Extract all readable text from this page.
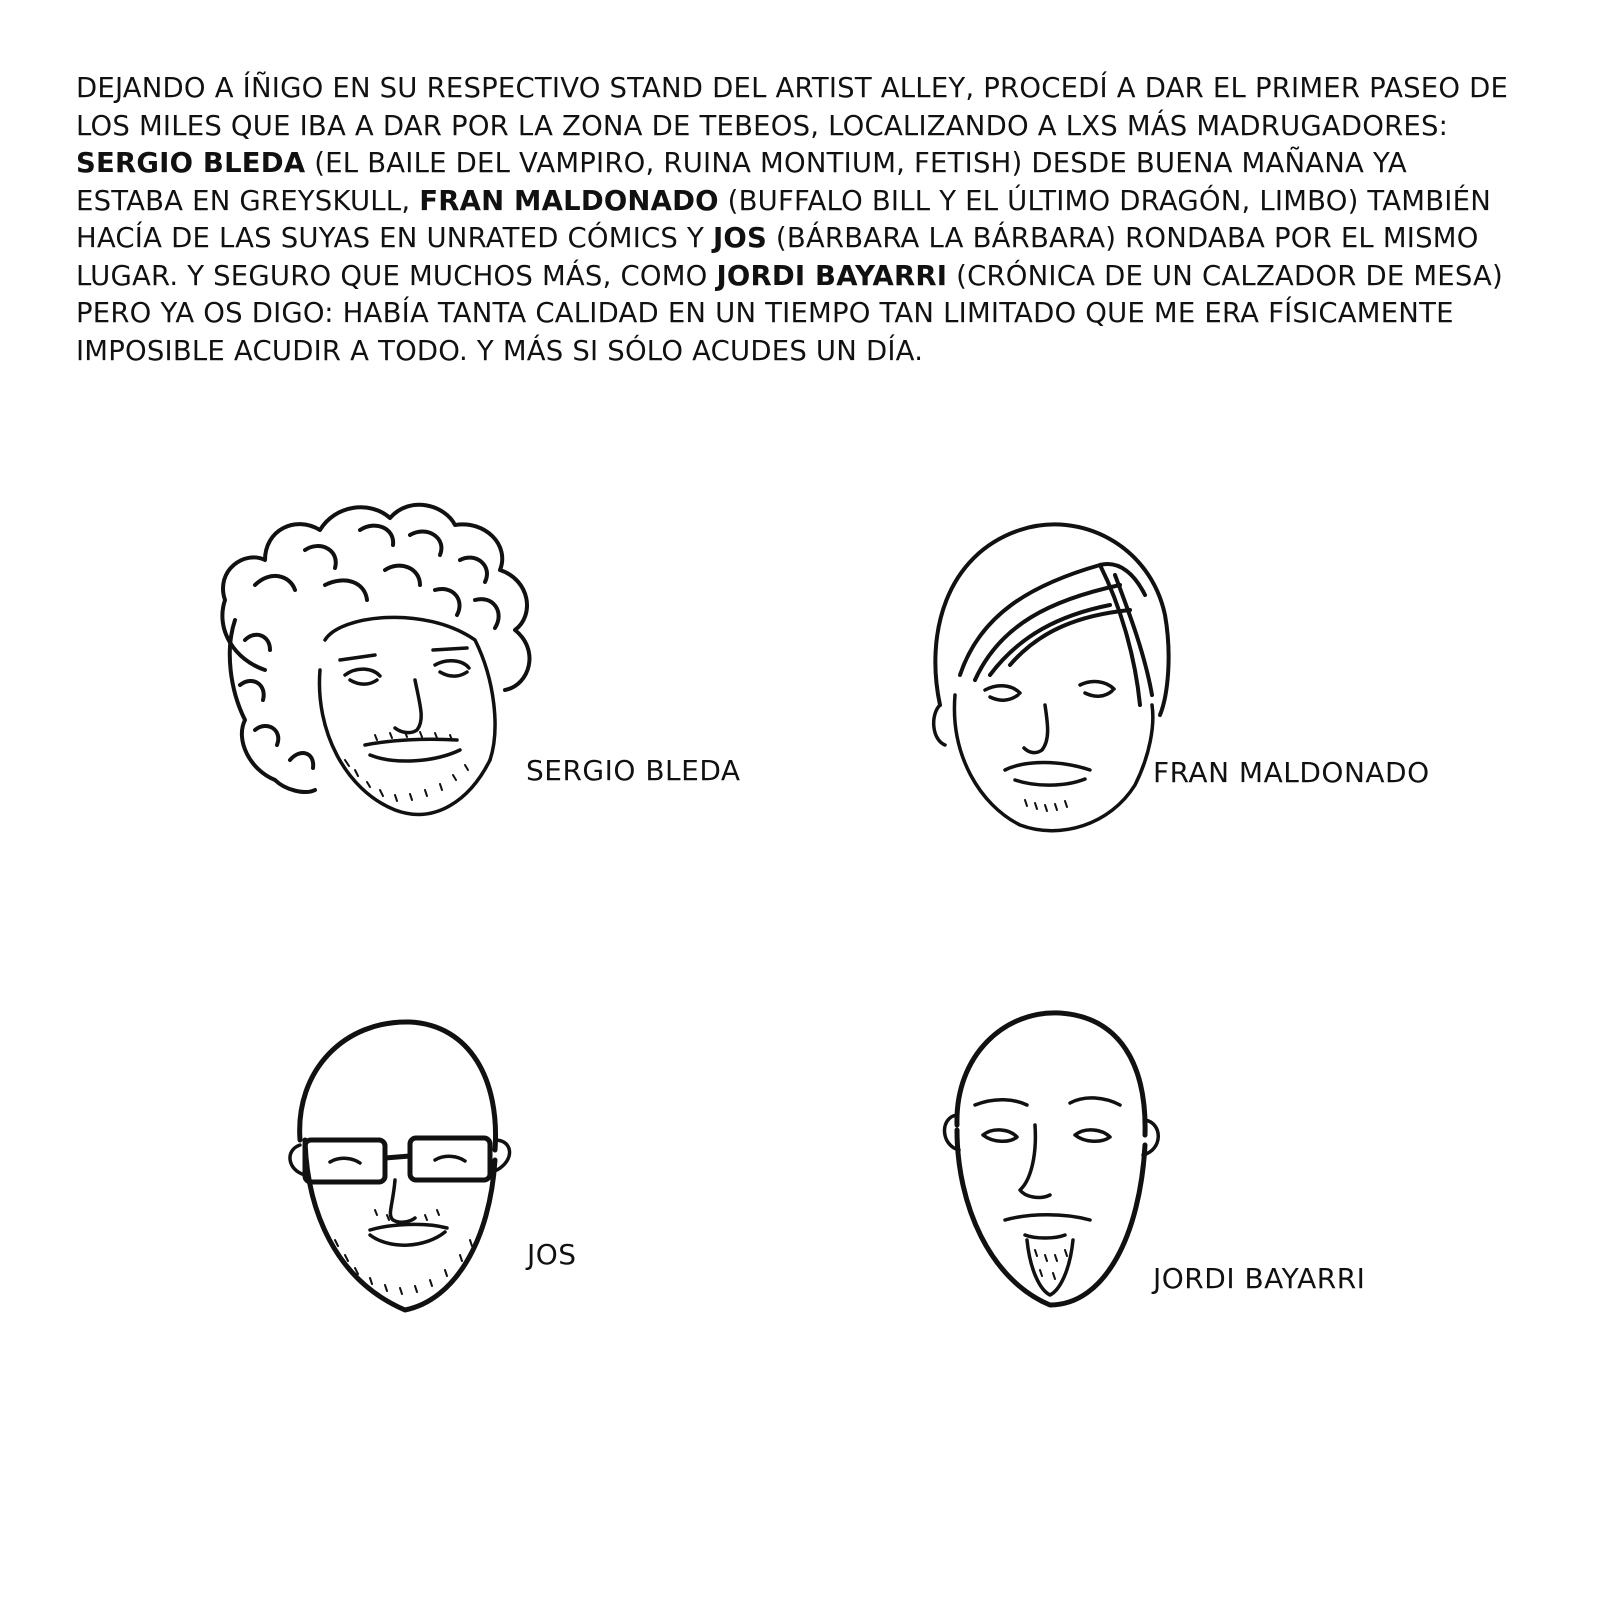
DEJANDO A ÍÑIGO EN SU RESPECTIVO STAND DEL ARTIST ALLEY, PROCEDÍ A DAR EL PRIMER PASEO DE LOS MILES QUE IBA A DAR POR LA ZONA DE TEBEOS, LOCALIZANDO A LXS MÁS MADRUGADORES: SERGIO BLEDA (EL BAILE DEL VAMPIRO, RUINA MONTIUM, FETISH) DESDE BUENA MAÑANA YA ESTABA EN GREYSKULL, FRAN MALDONADO (BUFFALO BILL Y EL ÚLTIMO DRAGÓN, LIMBO) TAMBIÉN HACÍA DE LAS SUYAS EN UNRATED CÓMICS Y JOS (BÁRBARA LA BÁRBARA) RONDABA POR EL MISMO LUGAR. Y SEGURO QUE MUCHOS MÁS, COMO JORDI BAYARRI (CRÓNICA DE UN CALZADOR DE MESA) PERO YA OS DIGO: HABÍA TANTA CALIDAD EN UN TIEMPO TAN LIMITADO QUE ME ERA FÍSICAMENTE IMPOSIBLE ACUDIR A TODO. Y MÁS SI SÓLO ACUDES UN DÍA.

SERGIO BLEDA	FRAN MALDONADO
JOS
JORDI BAYARRI
